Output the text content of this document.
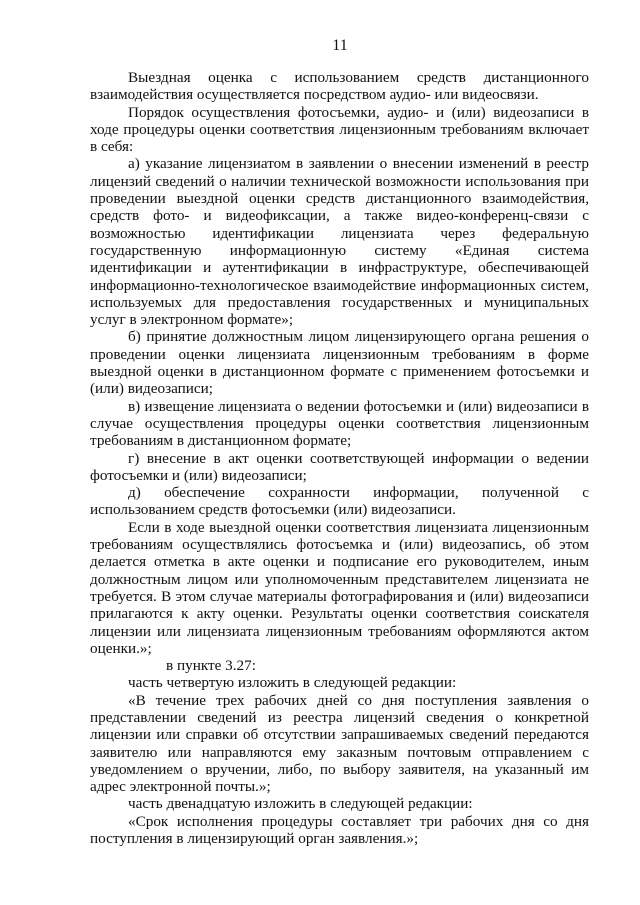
11

Выездная оценка с использованием средств дистанционного взаимодействия осуществляется посредством аудио- или видеосвязи.

Порядок осуществления фотосъемки, аудио- и (или) видеозаписи в ходе процедуры оценки соответствия лицензионным требованиям включает в себя:

а) указание лицензиатом в заявлении о внесении изменений в реестр лицензий сведений о наличии технической возможности использования при проведении выездной оценки средств дистанционного взаимодействия, средств фото- и видеофиксации, а также видео-конференц-связи с возможностью идентификации лицензиата через федеральную государственную информационную систему «Единая система идентификации и аутентификации в инфраструктуре, обеспечивающей информационно-технологическое взаимодействие информационных систем, используемых для предоставления государственных и муниципальных услуг в электронном формате»;

б) принятие должностным лицом лицензирующего органа решения о проведении оценки лицензиата лицензионным требованиям в форме выездной оценки в дистанционном формате с применением фотосъемки и (или) видеозаписи;

в) извещение лицензиата о ведении фотосъемки и (или) видеозаписи в случае осуществления процедуры оценки соответствия лицензионным требованиям в дистанционном формате;

г) внесение в акт оценки соответствующей информации о ведении фотосъемки и (или) видеозаписи;

д) обеспечение сохранности информации, полученной с использованием средств фотосъемки (или) видеозаписи.

Если в ходе выездной оценки соответствия лицензиата лицензионным требованиям осуществлялись фотосъемка и (или) видеозапись, об этом делается отметка в акте оценки и подписание его руководителем, иным должностным лицом или уполномоченным представителем лицензиата не требуется. В этом случае материалы фотографирования и (или) видеозаписи прилагаются к акту оценки. Результаты оценки соответствия соискателя лицензии или лицензиата лицензионным требованиям оформляются актом оценки.»;

в пункте 3.27:

часть четвертую изложить в следующей редакции:

«В течение трех рабочих дней со дня поступления заявления о представлении сведений из реестра лицензий сведения о конкретной лицензии или справки об отсутствии запрашиваемых сведений передаются заявителю или направляются ему заказным почтовым отправлением с уведомлением о вручении, либо, по выбору заявителя, на указанный им адрес электронной почты.»;

часть двенадцатую изложить в следующей редакции:

«Срок исполнения процедуры составляет три рабочих дня со дня поступления в лицензирующий орган заявления.»;
